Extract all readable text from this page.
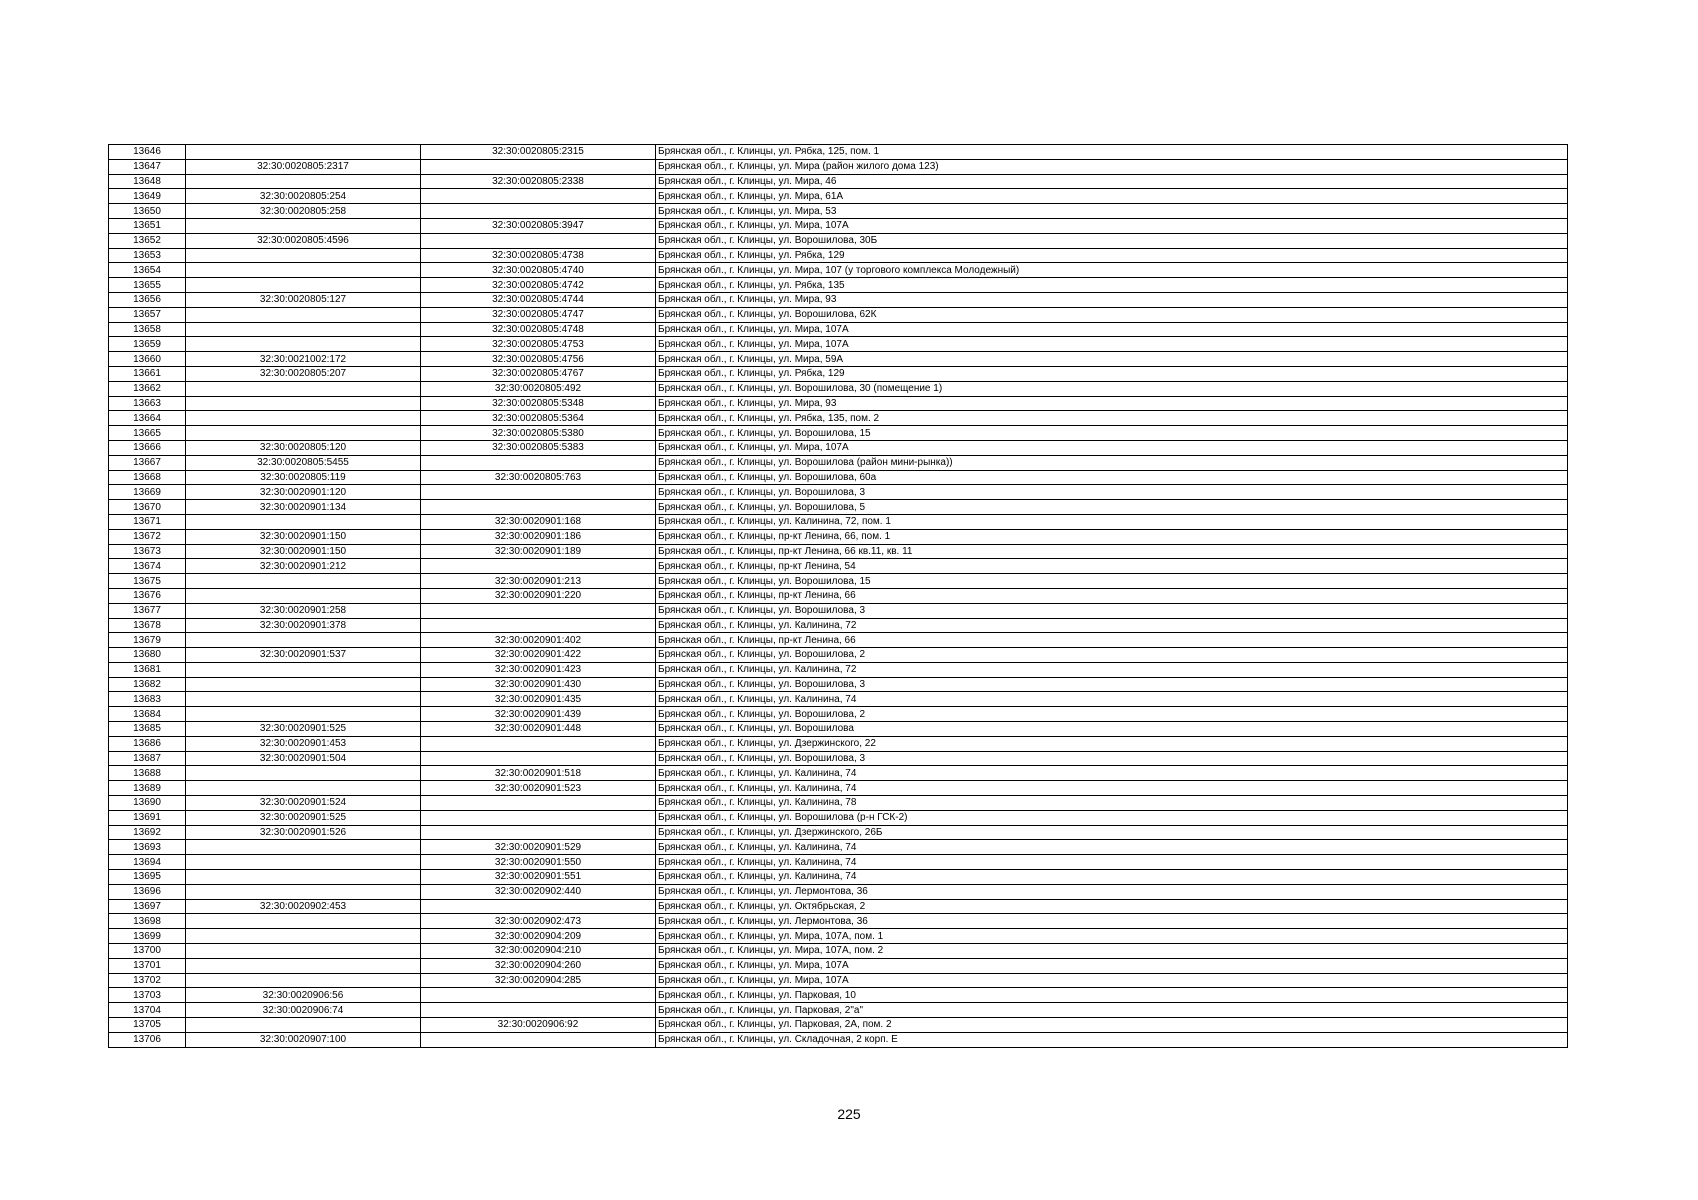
13646		32:30:0020805:2315	Брянская обл., г. Клинцы, ул. Рябка, 125, пом. 1
13647	32:30:0020805:2317		Брянская обл., г. Клинцы, ул. Мира (район жилого дома 123)
13648		32:30:0020805:2338	Брянская обл., г. Клинцы, ул. Мира, 46
13649	32:30:0020805:254		Брянская обл., г. Клинцы, ул. Мира, 61А
13650	32:30:0020805:258		Брянская обл., г. Клинцы, ул. Мира, 53
13651		32:30:0020805:3947	Брянская обл., г. Клинцы, ул. Мира, 107А
13652	32:30:0020805:4596		Брянская обл., г. Клинцы, ул. Ворошилова, 30Б
13653		32:30:0020805:4738	Брянская обл., г. Клинцы, ул. Рябка, 129
13654		32:30:0020805:4740	Брянская обл., г. Клинцы, ул. Мира, 107 (у торгового комплекса Молодежный)
13655		32:30:0020805:4742	Брянская обл., г. Клинцы, ул. Рябка, 135
13656	32:30:0020805:127	32:30:0020805:4744	Брянская обл., г. Клинцы, ул. Мира, 93
13657		32:30:0020805:4747	Брянская обл., г. Клинцы, ул. Ворошилова, 62К
13658		32:30:0020805:4748	Брянская обл., г. Клинцы, ул. Мира, 107А
13659		32:30:0020805:4753	Брянская обл., г. Клинцы, ул. Мира, 107А
13660	32:30:0021002:172	32:30:0020805:4756	Брянская обл., г. Клинцы, ул. Мира, 59А
13661	32:30:0020805:207	32:30:0020805:4767	Брянская обл., г. Клинцы, ул. Рябка, 129
13662		32:30:0020805:492	Брянская обл., г. Клинцы, ул. Ворошилова, 30 (помещение 1)
13663		32:30:0020805:5348	Брянская обл., г. Клинцы, ул. Мира, 93
13664		32:30:0020805:5364	Брянская обл., г. Клинцы, ул. Рябка, 135, пом. 2
13665		32:30:0020805:5380	Брянская обл., г. Клинцы, ул. Ворошилова, 15
13666	32:30:0020805:120	32:30:0020805:5383	Брянская обл., г. Клинцы, ул. Мира, 107А
13667	32:30:0020805:5455		Брянская обл., г. Клинцы, ул. Ворошилова (район мини-рынка))
13668	32:30:0020805:119	32:30:0020805:763	Брянская обл., г. Клинцы, ул. Ворошилова, 60а
13669	32:30:0020901:120		Брянская обл., г. Клинцы, ул. Ворошилова, 3
13670	32:30:0020901:134		Брянская обл., г. Клинцы, ул. Ворошилова, 5
13671		32:30:0020901:168	Брянская обл., г. Клинцы, ул. Калинина, 72, пом. 1
13672	32:30:0020901:150	32:30:0020901:186	Брянская обл., г. Клинцы, пр-кт Ленина, 66, пом. 1
13673	32:30:0020901:150	32:30:0020901:189	Брянская обл., г. Клинцы, пр-кт Ленина, 66 кв.11, кв. 11
13674	32:30:0020901:212		Брянская обл., г. Клинцы, пр-кт Ленина, 54
13675		32:30:0020901:213	Брянская обл., г. Клинцы, ул. Ворошилова, 15
13676		32:30:0020901:220	Брянская обл., г. Клинцы, пр-кт Ленина, 66
13677	32:30:0020901:258		Брянская обл., г. Клинцы, ул. Ворошилова, 3
13678	32:30:0020901:378		Брянская обл., г. Клинцы, ул. Калинина, 72
13679		32:30:0020901:402	Брянская обл., г. Клинцы, пр-кт Ленина, 66
13680	32:30:0020901:537	32:30:0020901:422	Брянская обл., г. Клинцы, ул. Ворошилова, 2
13681		32:30:0020901:423	Брянская обл., г. Клинцы, ул. Калинина, 72
13682		32:30:0020901:430	Брянская обл., г. Клинцы, ул. Ворошилова, 3
13683		32:30:0020901:435	Брянская обл., г. Клинцы, ул. Калинина, 74
13684		32:30:0020901:439	Брянская обл., г. Клинцы, ул. Ворошилова, 2
13685	32:30:0020901:525	32:30:0020901:448	Брянская обл., г. Клинцы, ул. Ворошилова
13686	32:30:0020901:453		Брянская обл., г. Клинцы, ул. Дзержинского, 22
13687	32:30:0020901:504		Брянская обл., г. Клинцы, ул. Ворошилова, 3
13688		32:30:0020901:518	Брянская обл., г. Клинцы, ул. Калинина, 74
13689		32:30:0020901:523	Брянская обл., г. Клинцы, ул. Калинина, 74
13690	32:30:0020901:524		Брянская обл., г. Клинцы, ул. Калинина, 78
13691	32:30:0020901:525		Брянская обл., г. Клинцы, ул. Ворошилова (р-н ГСК-2)
13692	32:30:0020901:526		Брянская обл., г. Клинцы, ул. Дзержинского, 26Б
13693		32:30:0020901:529	Брянская обл., г. Клинцы, ул. Калинина, 74
13694		32:30:0020901:550	Брянская обл., г. Клинцы, ул. Калинина, 74
13695		32:30:0020901:551	Брянская обл., г. Клинцы, ул. Калинина, 74
13696		32:30:0020902:440	Брянская обл., г. Клинцы, ул. Лермонтова, 36
13697	32:30:0020902:453		Брянская обл., г. Клинцы, ул. Октябрьская, 2
13698		32:30:0020902:473	Брянская обл., г. Клинцы, ул. Лермонтова, 36
13699		32:30:0020904:209	Брянская обл., г. Клинцы, ул. Мира, 107А, пом. 1
13700		32:30:0020904:210	Брянская обл., г. Клинцы, ул. Мира, 107А, пом. 2
13701		32:30:0020904:260	Брянская обл., г. Клинцы, ул. Мира, 107А
13702		32:30:0020904:285	Брянская обл., г. Клинцы, ул. Мира, 107А
13703	32:30:0020906:56		Брянская обл., г. Клинцы, ул. Парковая, 10
13704	32:30:0020906:74		Брянская обл., г. Клинцы, ул. Парковая, 2"а"
13705		32:30:0020906:92	Брянская обл., г. Клинцы, ул. Парковая, 2А, пом. 2
13706	32:30:0020907:100		Брянская обл., г. Клинцы, ул. Складочная, 2 корп. Е
225
